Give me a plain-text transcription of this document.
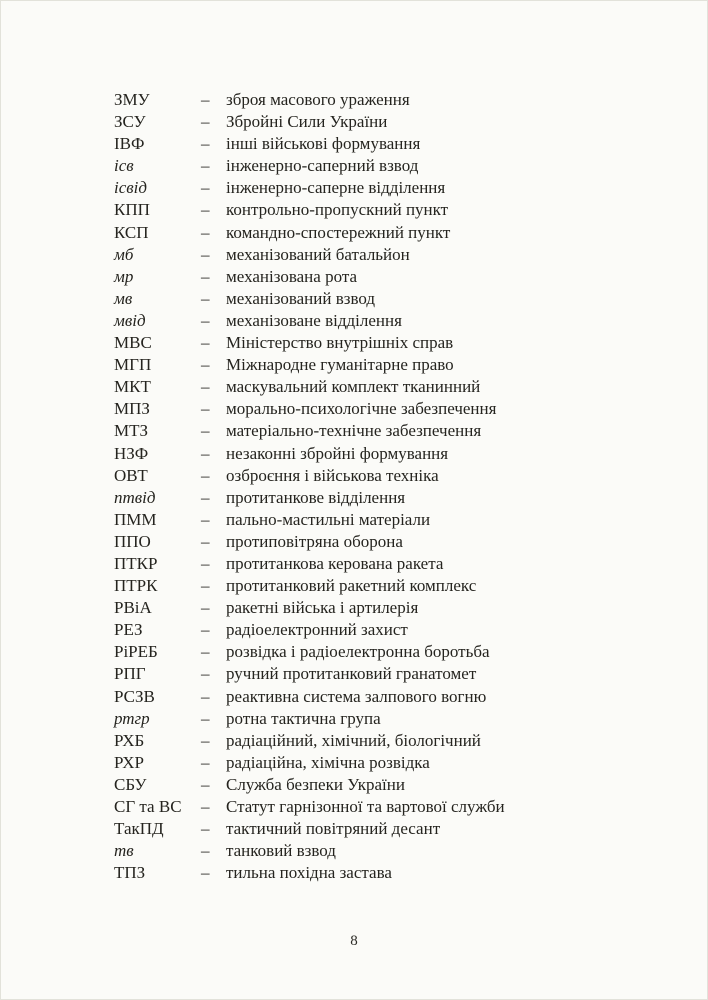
ЗМУ	– зброя масового ураження
ЗСУ	– Збройні Сили України
ІВФ	– інші військові формування
ісв	– інженерно-саперний взвод
ісвід	– інженерно-саперне відділення
КПП	– контрольно-пропускний пункт
КСП	– командно-спостережний пункт
мб	– механізований батальйон
мр	– механізована рота
мв	– механізований взвод
мвід	– механізоване відділення
МВС	– Міністерство внутрішніх справ
МГП	– Міжнародне гуманітарне право
МКТ	– маскувальний комплект тканинний
МПЗ	– морально-психологічне забезпечення
МТЗ	– матеріально-технічне забезпечення
НЗФ	– незаконні збройні формування
ОВТ	– озброєння і військова техніка
птвід	– протитанкове відділення
ПММ	– пально-мастильні матеріали
ППО	– протиповітряна оборона
ПТКР	– протитанкова керована ракета
ПТРК	– протитанковий ракетний комплекс
РВіА	– ракетні війська і артилерія
РЕЗ	– радіоелектронний захист
РіРЕБ	– розвідка і радіоелектронна боротьба
РПГ	– ручний протитанковий гранатомет
РСЗВ	– реактивна система залпового вогню
ртгр	– ротна тактична група
РХБ	– радіаційний, хімічний, біологічний
РХР	– радіаційна, хімічна розвідка
СБУ	– Служба безпеки України
СГ та ВС	– Статут гарнізонної та вартової служби
ТакПД	– тактичний повітряний десант
тв	– танковий взвод
ТПЗ	– тильна похідна застава
8
